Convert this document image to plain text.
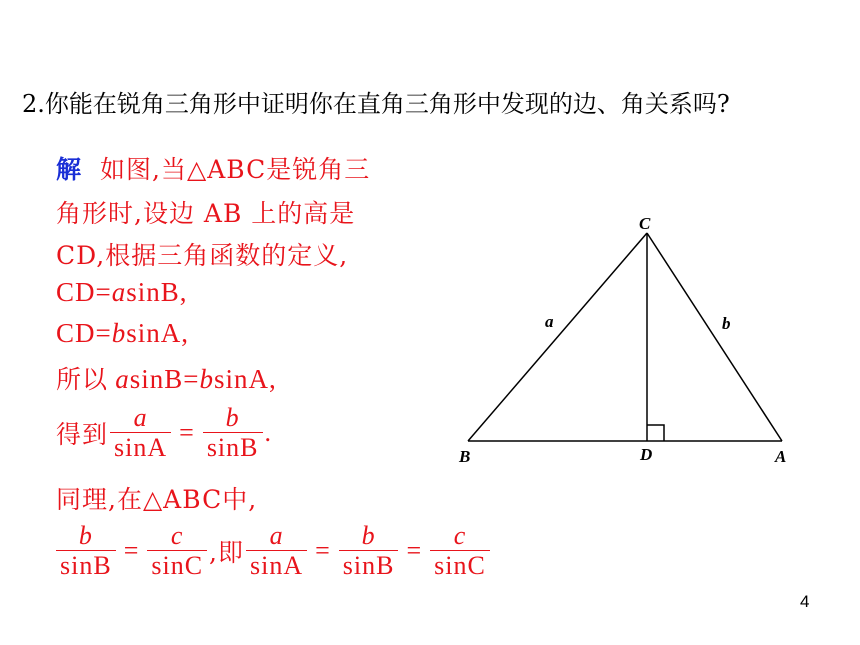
2.你能在锐角三角形中证明你在直角三角形中发现的边、角关系吗?
解 如图,当△ABC是锐角三
角形时,设边 AB 上的高是
CD,根据三角函数的定义,
CD=asinB,
CD=bsinA,
所以 asinB=bsinA,
得到 $\frac{a}{\sin A} = \frac{b}{\sin B}$ .
同理,在△ABC中,
$\frac{b}{\sin B} = \frac{c}{\sin C}$ ,即 $\frac{a}{\sin A} = \frac{b}{\sin B} = \frac{c}{\sin C}$
C
B	D	A
a	b
4
